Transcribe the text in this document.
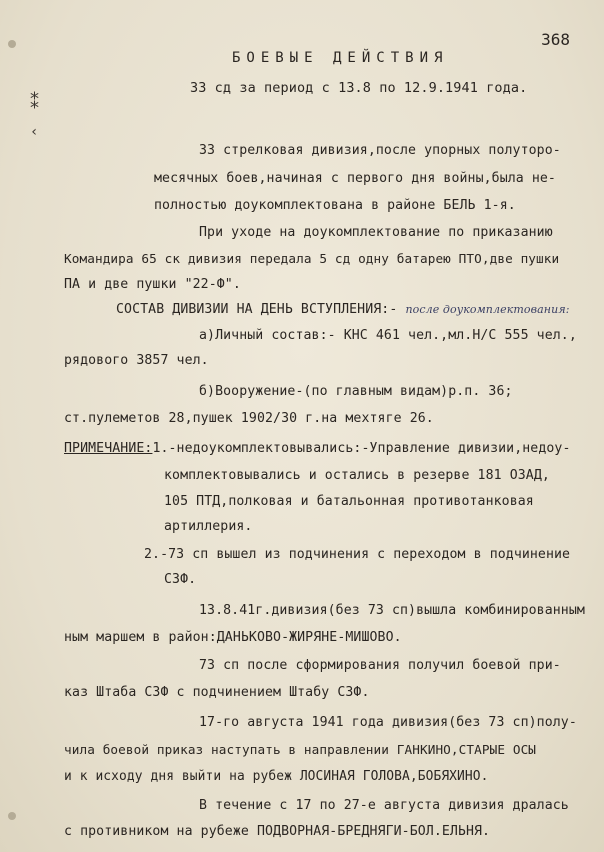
⁑
‹
368
БОЕВЫЕ ДЕЙСТВИЯ
33 сд за период с 13.8 по 12.9.1941 года.
33 стрелковая дивизия,после упорных полуторо-
месячных боев,начиная с первого дня войны,была не-
полностью доукомплектована в районе БЕЛЬ 1-я.
При уходе на доукомплектование по приказанию
Командира 65 ск дивизия передала 5 сд одну батарею ПТО,две пушки
ПА и две пушки "22-Ф".
СОСТАВ ДИВИЗИИ НА ДЕНЬ ВСТУПЛЕНИЯ:- после доукомплектования:
а)Личный состав:- КНС 461 чел.,мл.Н/С 555 чел.,
рядового 3857 чел.
б)Вооружение-(по главным видам)р.п. 36;
ст.пулеметов 28,пушек 1902/30 г.на мехтяге 26.
ПРИМЕЧАНИЕ:1.-недоукомплектовывались:-Управление дивизии,недоу-
комплектовывались и остались в резерве 181 ОЗАД,
105 ПТД,полковая и батальонная противотанковая
артиллерия.
2.-73 сп вышел из подчинения с переходом в подчинение
СЗФ.
13.8.41г.дивизия(без 73 сп)вышла комбинированным
ным маршем в район:ДАНЬКОВО-ЖИРЯНЕ-МИШОВО.
73 сп после сформирования получил боевой при-
каз Штаба СЗФ с подчинением Штабу СЗФ.
17-го августа 1941 года дивизия(без 73 сп)полу-
чила боевой приказ наступать в направлении ГАНКИНО,СТАРЫЕ ОСЫ
и к исходу дня выйти на рубеж ЛОСИНАЯ ГОЛОВА,БОБЯХИНО.
В течение с 17 по 27-е августа дивизия дралась
с противником на рубеже ПОДВОРНАЯ-БРЕДНЯГИ-БОЛ.ЕЛЬНЯ.
